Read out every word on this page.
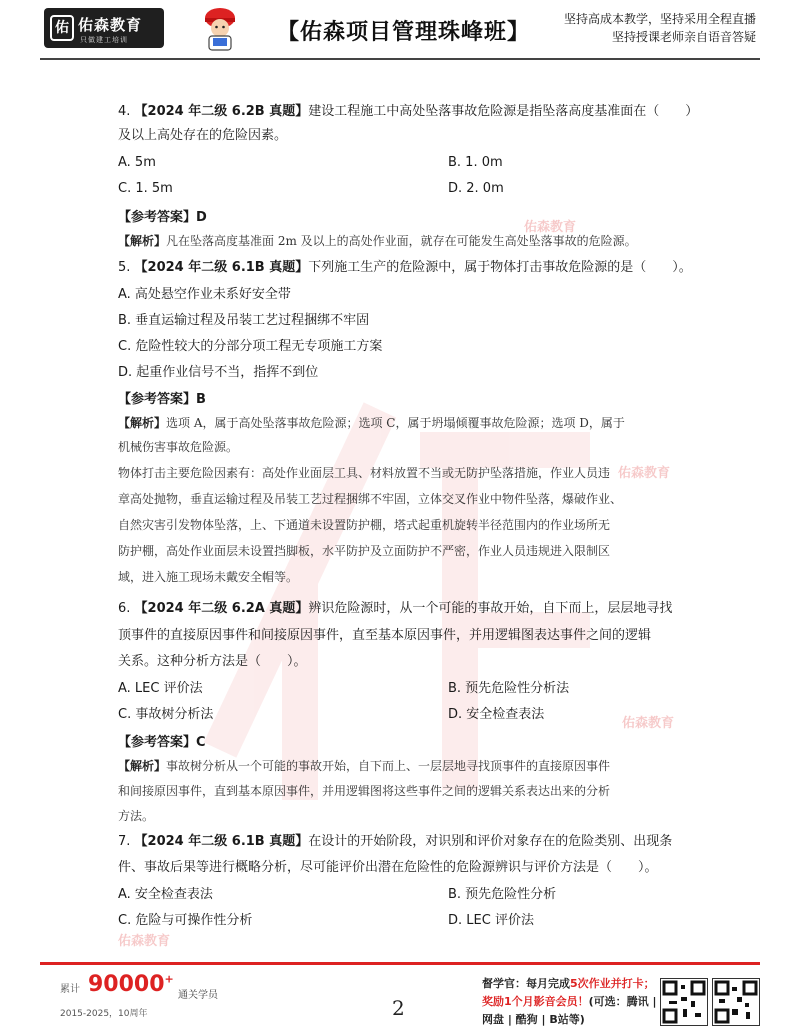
佑 佑森教育
只做建工培训	【佑森项目管理珠峰班】
坚持高成本教学，坚持采用全程直播
坚持授课老师亲自语音答疑
佑森教育
佑森教育
佑森教育
佑森教育
4. 【2024 年二级 6.2B 真题】建设工程施工中高处坠落事故危险源是指坠落高度基准面在（　　）
及以上高处存在的危险因素。
A. 5m	B. 1. 0m
C. 1. 5m	D. 2. 0m
【参考答案】D
【解析】凡在坠落高度基准面 2m 及以上的高处作业面，就存在可能发生高处坠落事故的危险源。
5. 【2024 年二级 6.1B 真题】下列施工生产的危险源中，属于物体打击事故危险源的是（　　）。
A. 高处悬空作业未系好安全带
B. 垂直运输过程及吊装工艺过程捆绑不牢固
C. 危险性较大的分部分项工程无专项施工方案
D. 起重作业信号不当，指挥不到位
【参考答案】B
【解析】选项 A，属于高处坠落事故危险源；选项 C，属于坍塌倾覆事故危险源；选项 D，属于
机械伤害事故危险源。
物体打击主要危险因素有：高处作业面层工具、材料放置不当或无防护坠落措施，作业人员违
章高处抛物，垂直运输过程及吊装工艺过程捆绑不牢固，立体交叉作业中物件坠落，爆破作业、
自然灾害引发物体坠落，上、下通道未设置防护棚，塔式起重机旋转半径范围内的作业场所无
防护棚，高处作业面层未设置挡脚板，水平防护及立面防护不严密，作业人员违规进入限制区
域，进入施工现场未戴安全帽等。
6. 【2024 年二级 6.2A 真题】辨识危险源时，从一个可能的事故开始，自下而上，层层地寻找
顶事件的直接原因事件和间接原因事件，直至基本原因事件，并用逻辑图表达事件之间的逻辑
关系。这种分析方法是（　　）。
A. LEC 评价法	B. 预先危险性分析法
C. 事故树分析法	D. 安全检查表法
【参考答案】C
【解析】事故树分析从一个可能的事故开始，自下而上、一层层地寻找顶事件的直接原因事件
和间接原因事件，直到基本原因事件，并用逻辑图将这些事件之间的逻辑关系表达出来的分析
方法。
7. 【2024 年二级 6.1B 真题】在设计的开始阶段，对识别和评价对象存在的危险类别、出现条
件、事故后果等进行概略分析，尽可能评价出潜在危险性的危险源辨识与评价方法是（　　）。
A. 安全检查表法	B. 预先危险性分析
C. 危险与可操作性分析	D. LEC 评价法
累计 90000+
通关学员
2015-2025，10周年	2
督学官：每月完成5次作业并打卡；
奖励1个月影音会员！(可选：腾讯 |
网盘 | 酷狗 | B站等)
